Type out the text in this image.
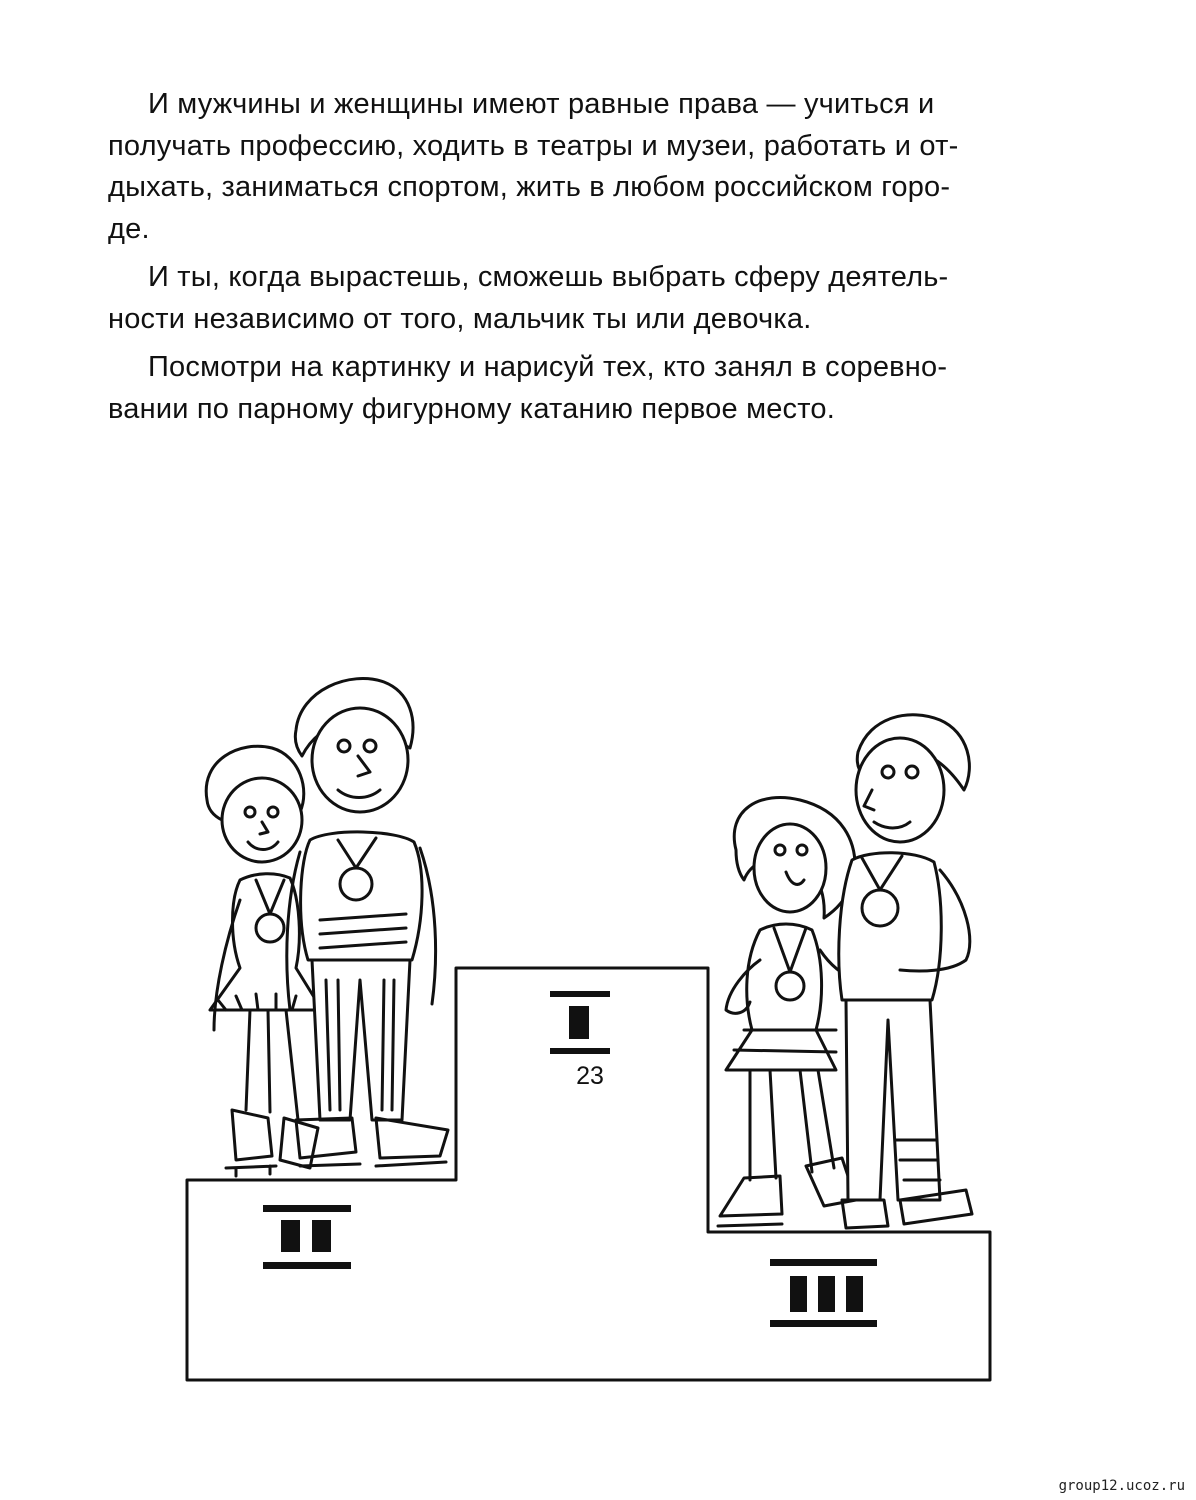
И мужчины и женщины имеют равные права — учиться и
получать профессию, ходить в театры и музеи, работать и от-
дыхать, заниматься спортом, жить в любом российском горо-
де.

И ты, когда вырастешь, сможешь выбрать сферу деятель-
ности независимо от того, мальчик ты или девочка.

Посмотри на картинку и нарисуй тех, кто занял в соревно-
вании по парному фигурному катанию первое место.

23
group12.ucoz.ru
